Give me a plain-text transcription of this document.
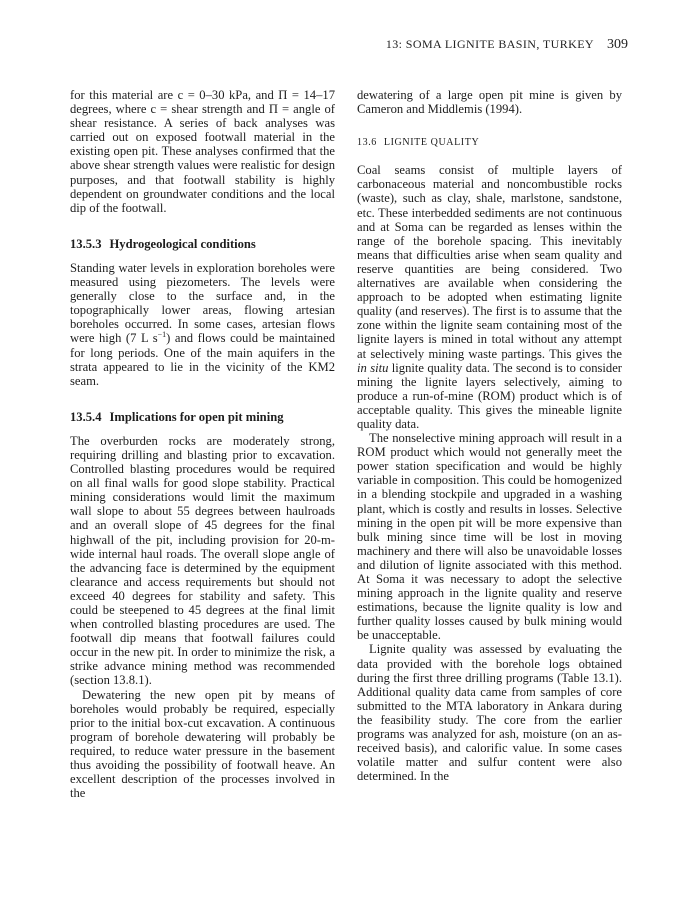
13: SOMA LIGNITE BASIN, TURKEY 309

for this material are c = 0–30 kPa, and Π = 14–17 degrees, where c = shear strength and Π = angle of shear resistance. A series of back analyses was carried out on exposed footwall material in the existing open pit. These analyses confirmed that the above shear strength values were realistic for design purposes, and that footwall stability is highly dependent on groundwater conditions and the local dip of the footwall.

13.5.3 Hydrogeological conditions

Standing water levels in exploration boreholes were measured using piezometers. The levels were generally close to the surface and, in the topographically lower areas, flowing artesian boreholes occurred. In some cases, artesian flows were high (7 L $s^{-1}$) and flows could be maintained for long periods. One of the main aquifers in the strata appeared to lie in the vicinity of the KM2 seam.

13.5.4 Implications for open pit mining

The overburden rocks are moderately strong, requiring drilling and blasting prior to excavation. Controlled blasting procedures would be required on all final walls for good slope stability. Practical mining considerations would limit the maximum wall slope to about 55 degrees between haulroads and an overall slope of 45 degrees for the final highwall of the pit, including provision for 20-m-wide internal haul roads. The overall slope angle of the advancing face is determined by the equipment clearance and access requirements but should not exceed 40 degrees for stability and safety. This could be steepened to 45 degrees at the final limit when controlled blasting procedures are used. The footwall dip means that footwall failures could occur in the new pit. In order to minimize the risk, a strike advance mining method was recommended (section 13.8.1).

Dewatering the new open pit by means of boreholes would probably be required, especially prior to the initial box-cut excavation. A continuous program of borehole dewatering will probably be required, to reduce water pressure in the basement thus avoiding the possibility of footwall heave. An excellent description of the processes involved in the

dewatering of a large open pit mine is given by Cameron and Middlemis (1994).

13.6 LIGNITE QUALITY

Coal seams consist of multiple layers of carbonaceous material and noncombustible rocks (waste), such as clay, shale, marlstone, sandstone, etc. These interbedded sediments are not continuous and at Soma can be regarded as lenses within the range of the borehole spacing. This inevitably means that difficulties arise when seam quality and reserve quantities are being considered. Two alternatives are available when considering the approach to be adopted when estimating lignite quality (and reserves). The first is to assume that the zone within the lignite seam containing most of the lignite layers is mined in total without any attempt at selectively mining waste partings. This gives the in situ lignite quality data. The second is to consider mining the lignite layers selectively, aiming to produce a run-of-mine (ROM) product which is of acceptable quality. This gives the mineable lignite quality data.

The nonselective mining approach will result in a ROM product which would not generally meet the power station specification and would be highly variable in composition. This could be homogenized in a blending stockpile and upgraded in a washing plant, which is costly and results in losses. Selective mining in the open pit will be more expensive than bulk mining since time will be lost in moving machinery and there will also be unavoidable losses and dilution of lignite associated with this method. At Soma it was necessary to adopt the selective mining approach in the lignite quality and reserve estimations, because the lignite quality is low and further quality losses caused by bulk mining would be unacceptable.

Lignite quality was assessed by evaluating the data provided with the borehole logs obtained during the first three drilling programs (Table 13.1). Additional quality data came from samples of core submitted to the MTA laboratory in Ankara during the feasibility study. The core from the earlier programs was analyzed for ash, moisture (on an as-received basis), and calorific value. In some cases volatile matter and sulfur content were also determined. In the
